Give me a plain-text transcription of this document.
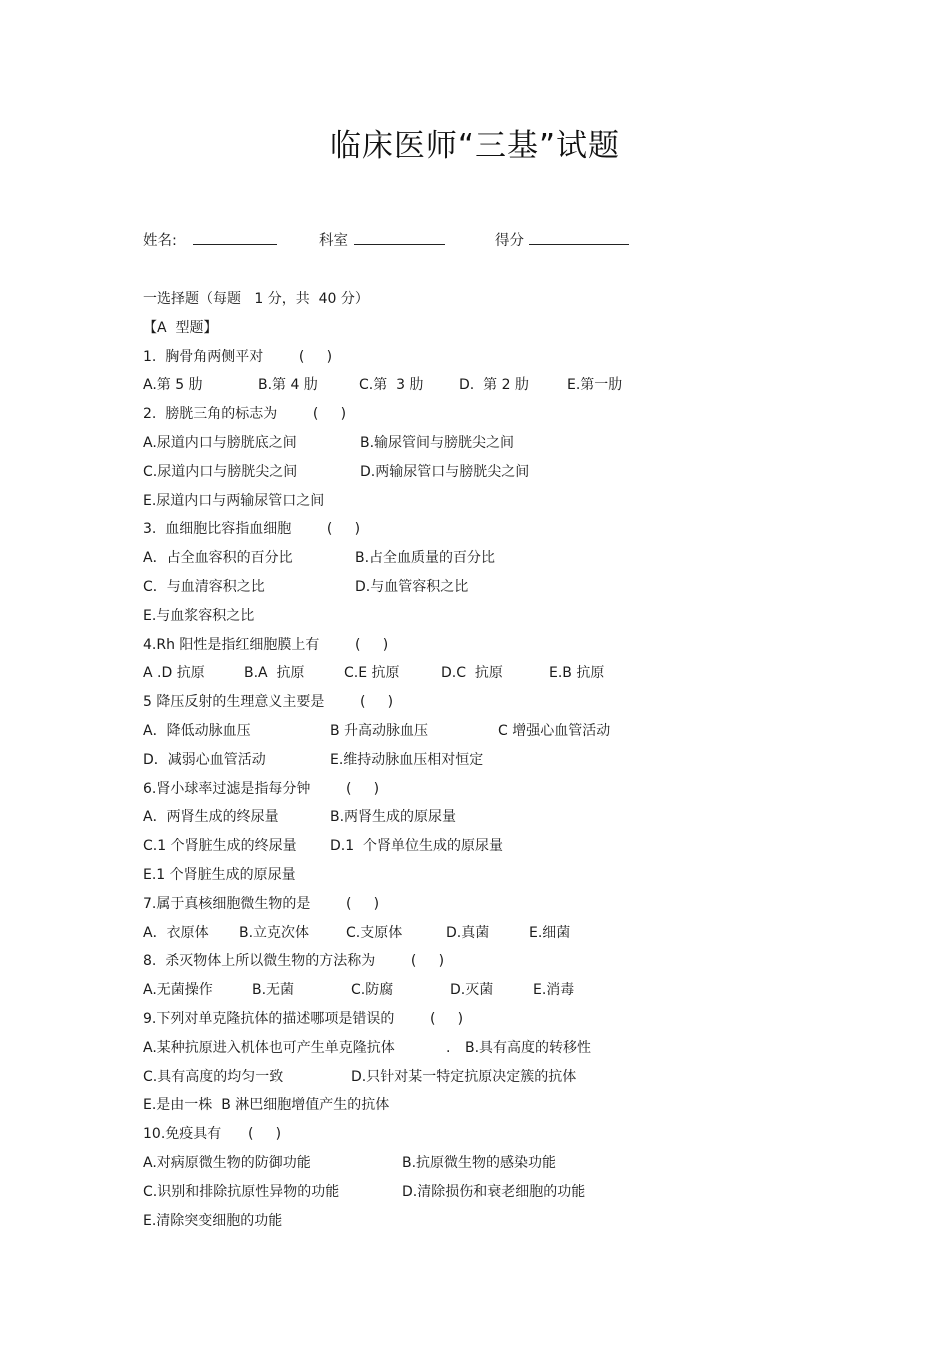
临床医师“三基”试题
姓名:	科室	得分
一选择题（每题   1 分，共  40 分）
【A  型题】
1.  胸骨角两侧平对        (     )
A.第 5 肋	B.第 4 肋	C.第  3 肋	D.  第 2 肋	E.第一肋
2.  膀胱三角的标志为        (     )
A.尿道内口与膀胱底之间	B.输尿管间与膀胱尖之间
C.尿道内口与膀胱尖之间	D.两输尿管口与膀胱尖之间
E.尿道内口与两输尿管口之间
3.  血细胞比容指血细胞        (     )
A．占全血容积的百分比	B.占全血质量的百分比
C．与血清容积之比	D.与血管容积之比
E.与血浆容积之比
4.Rh 阳性是指红细胞膜上有        (     )
A .D 抗原	B.A  抗原	C.E 抗原	D.C  抗原	E.B 抗原
5 降压反射的生理意义主要是        (     )
A．降低动脉血压	B 升高动脉血压	C 增强心血管活动
D．减弱心血管活动	E.维持动脉血压相对恒定
6.肾小球率过滤是指每分钟        (     )
A．两肾生成的终尿量	B.两肾生成的原尿量
C.1 个肾脏生成的终尿量 D.1  个肾单位生成的原尿量
E.1 个肾脏生成的原尿量
7.属于真核细胞微生物的是        (     )
A．衣原体 B.立克次体	C.支原体	D.真菌	E.细菌
8.  杀灭物体上所以微生物的方法称为        (     )
A.无菌操作	B.无菌	C.防腐	D.灭菌	E.消毒
9.下列对单克隆抗体的描述哪项是错误的        (     )
A.某种抗原进入机体也可产生单克隆抗体	. B.具有高度的转移性
C.具有高度的均匀一致	D.只针对某一特定抗原决定簇的抗体
E.是由一株  B 淋巴细胞增值产生的抗体
10.免疫具有      (     )
A.对病原微生物的防御功能	B.抗原微生物的感染功能
C.识别和排除抗原性异物的功能	D.清除损伤和衰老细胞的功能
E.清除突变细胞的功能
